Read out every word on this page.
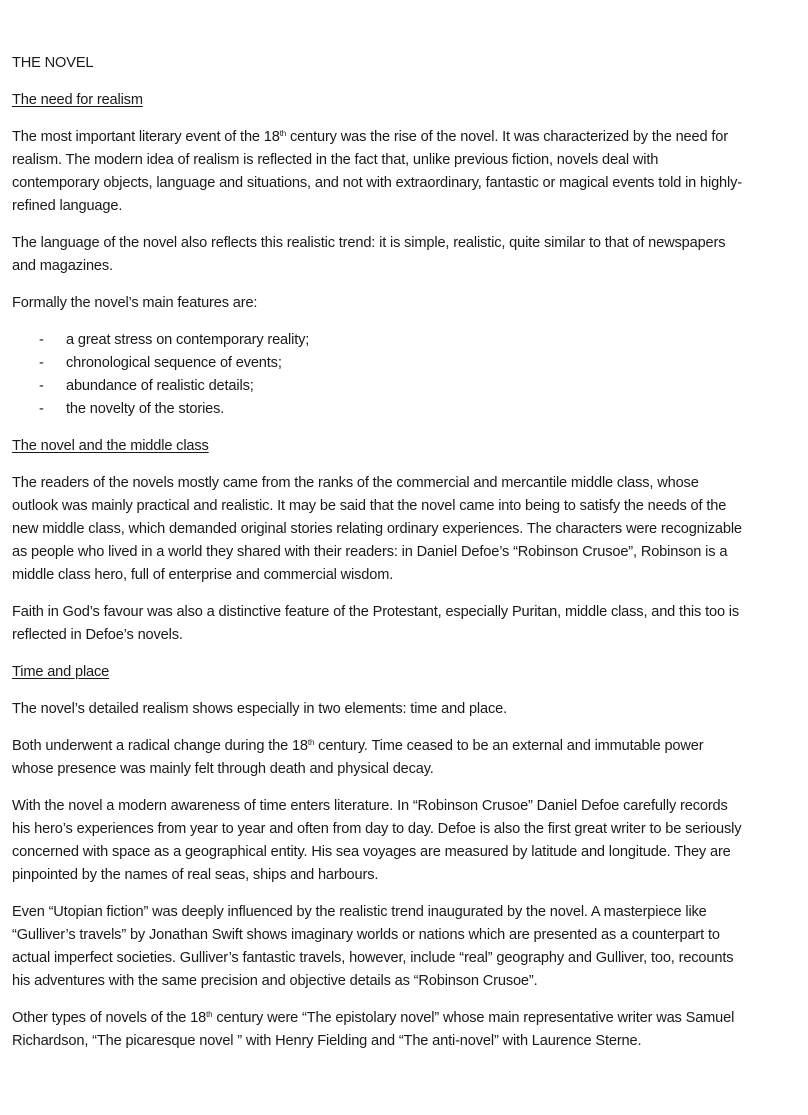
THE NOVEL
The need for realism

The most important literary event of the 18th century was the rise of the novel. It was characterized by the need for realism. The modern idea of realism is reflected in the fact that, unlike previous fiction, novels deal with contemporary objects, language and situations, and not with extraordinary, fantastic or magical events told in highly-refined language.

The language of the novel also reflects this realistic trend: it is simple, realistic, quite similar to that of newspapers and magazines.

Formally the novel’s main features are:

- a great stress on contemporary reality;
- chronological sequence of events;
- abundance of realistic details;
- the novelty of the stories.
The novel and the middle class

The readers of the novels mostly came from the ranks of the commercial and mercantile middle class, whose outlook was mainly practical and realistic. It may be said that the novel came into being to satisfy the needs of the new middle class, which demanded original stories relating ordinary experiences. The characters were recognizable as people who lived in a world they shared with their readers: in Daniel Defoe’s “Robinson Crusoe”, Robinson is a middle class hero, full of enterprise and commercial wisdom.

Faith in God’s favour was also a distinctive feature of the Protestant, especially Puritan, middle class, and this too is reflected in Defoe’s novels.

Time and place

The novel’s detailed realism shows especially in two elements: time and place.

Both underwent a radical change during the 18th century. Time ceased to be an external and immutable power whose presence was mainly felt through death and physical decay.

With the novel a modern awareness of time enters literature. In “Robinson Crusoe” Daniel Defoe carefully records his hero’s experiences from year to year and often from day to day. Defoe is also the first great writer to be seriously concerned with space as a geographical entity. His sea voyages are measured by latitude and longitude. They are pinpointed by the names of real seas, ships and harbours.

Even “Utopian fiction” was deeply influenced by the realistic trend inaugurated by the novel. A masterpiece like “Gulliver’s travels” by Jonathan Swift shows imaginary worlds or nations which are presented as a counterpart to actual imperfect societies. Gulliver’s fantastic travels, however, include “real” geography and Gulliver, too, recounts his adventures with the same precision and objective details as “Robinson Crusoe”.

Other types of novels of the 18th century were “The epistolary novel” whose main representative writer was Samuel Richardson, “The picaresque novel ” with Henry Fielding and “The anti-novel” with Laurence Sterne.
